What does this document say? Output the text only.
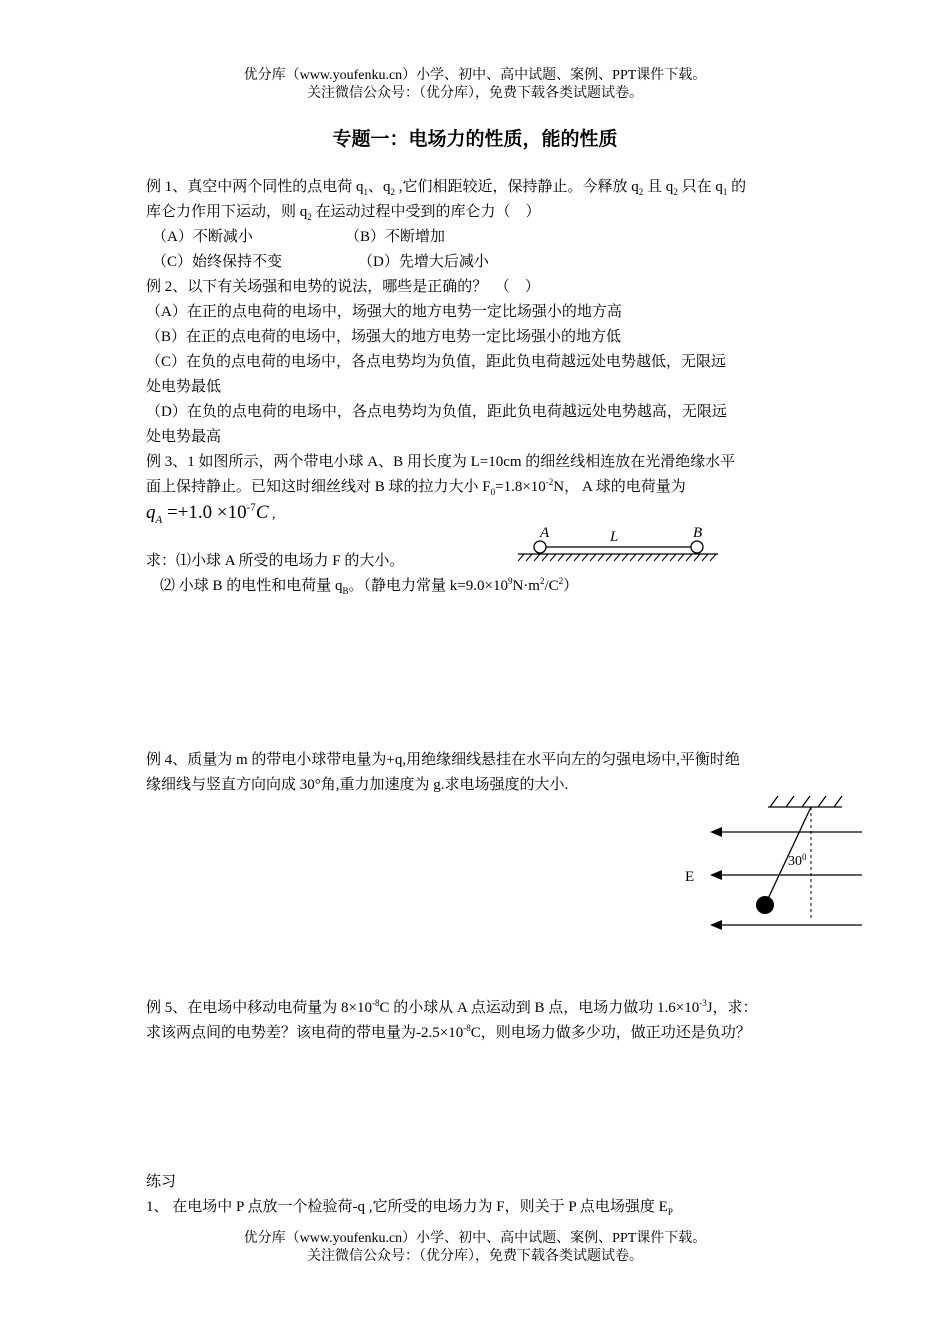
优分库（www.youfenku.cn）小学、初中、高中试题、案例、PPT课件下载。
关注微信公众号：（优分库），免费下载各类试题试卷。
专题一：电场力的性质，能的性质
例 1、真空中两个同性的点电荷 $q_1$、$q_2$ ,它们相距较近，保持静止。今释放 $q_2$ 且 $q_2$ 只在 $q_1$ 的
库仑力作用下运动，则 $q_2$ 在运动过程中受到的库仑力（　）
（A）不断减小	（B）不断增加
（C）始终保持不变	（D）先增大后减小
例 2、以下有关场强和电势的说法，哪些是正确的？　（　）
（A）在正的点电荷的电场中，场强大的地方电势一定比场强小的地方高
（B）在正的点电荷的电场中，场强大的地方电势一定比场强小的地方低
（C）在负的点电荷的电场中，各点电势均为负值，距此负电荷越远处电势越低，无限远
处电势最低
（D）在负的点电荷的电场中，各点电势均为负值，距此负电荷越远处电势越高，无限远
处电势最高
例 3、1 如图所示，两个带电小球 A、B 用长度为 L=10cm 的细丝线相连放在光滑绝缘水平
面上保持静止。已知这时细丝线对 B 球的拉力大小 $F_0=1.8\times 10^{-2}N$， A 球的电荷量为
$q_A =+1.0 \times 10^{-7}C$ ,
A	L	B
求：⑴小球 A 所受的电场力 F 的大小。
⑵ 小球 B 的电性和电荷量 $q_B$。（静电力常量 $k=9.0\times 10^9N\cdot m^2/C^2$）
例 4、质量为 m 的带电小球带电量为+q,用绝缘细线悬挂在水平向左的匀强电场中,平衡时绝
缘细线与竖直方向向成 30°角,重力加速度为 g.求电场强度的大小.
E
$30^0$
例 5、在电场中移动电荷量为 $8\times 10^{-8}C$ 的小球从 A 点运动到 B 点，电场力做功 $1.6\times 10^{-3}J$，求：
求该两点间的电势差？该电荷的带电量为$-2.5\times 10^{-8}C$，则电场力做多少功，做正功还是负功？
练习
1、 在电场中 P 点放一个检验荷-q ,它所受的电场力为 F，则关于 P 点电场强度 $E_P$
优分库（www.youfenku.cn）小学、初中、高中试题、案例、PPT课件下载。
关注微信公众号：（优分库），免费下载各类试题试卷。
